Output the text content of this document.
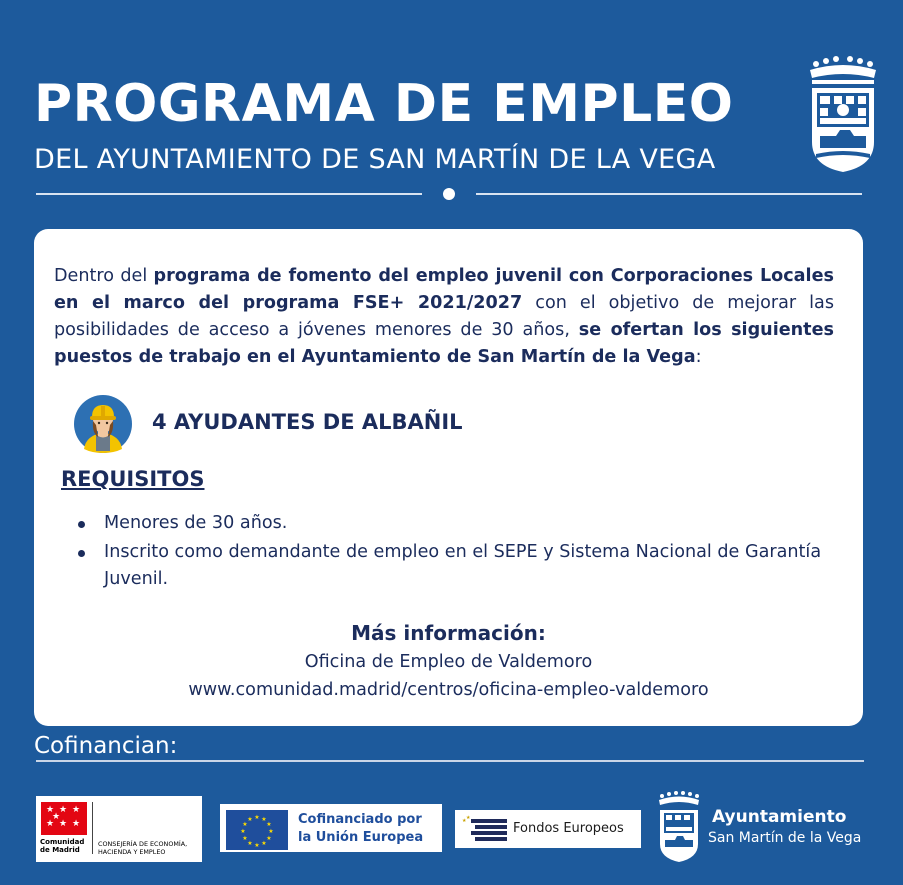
PROGRAMA DE EMPLEO
DEL AYUNTAMIENTO DE SAN MARTÍN DE LA VEGA

Dentro del programa de fomento del empleo juvenil con Corporaciones Locales en el marco del programa FSE+ 2021/2027 con el objetivo de mejorar las posibilidades de acceso a jóvenes menores de 30 años, se ofertan los siguientes puestos de trabajo en el Ayuntamiento de San Martín de la Vega:

4 AYUDANTES DE ALBAÑIL
REQUISITOS
Menores de 30 años.
Inscrito como demandante de empleo en el SEPE y Sistema Nacional de Garantía Juvenil.
Más información:
Oficina de Empleo de Valdemoro
www.comunidad.madrid/centros/oficina-empleo-valdemoro
Cofinancian:
★ ★ ★
★ ★ ★
★
Comunidad
de Madrid
CONSEJERÍA DE ECONOMÍA,
HACIENDA Y EMPLEO
★ ★
★
★
★
★
★
★
★
★
★
★	Cofinanciado por
la Unión Europea
★ ★
Fondos Europeos
Ayuntamiento
San Martín de la Vega
